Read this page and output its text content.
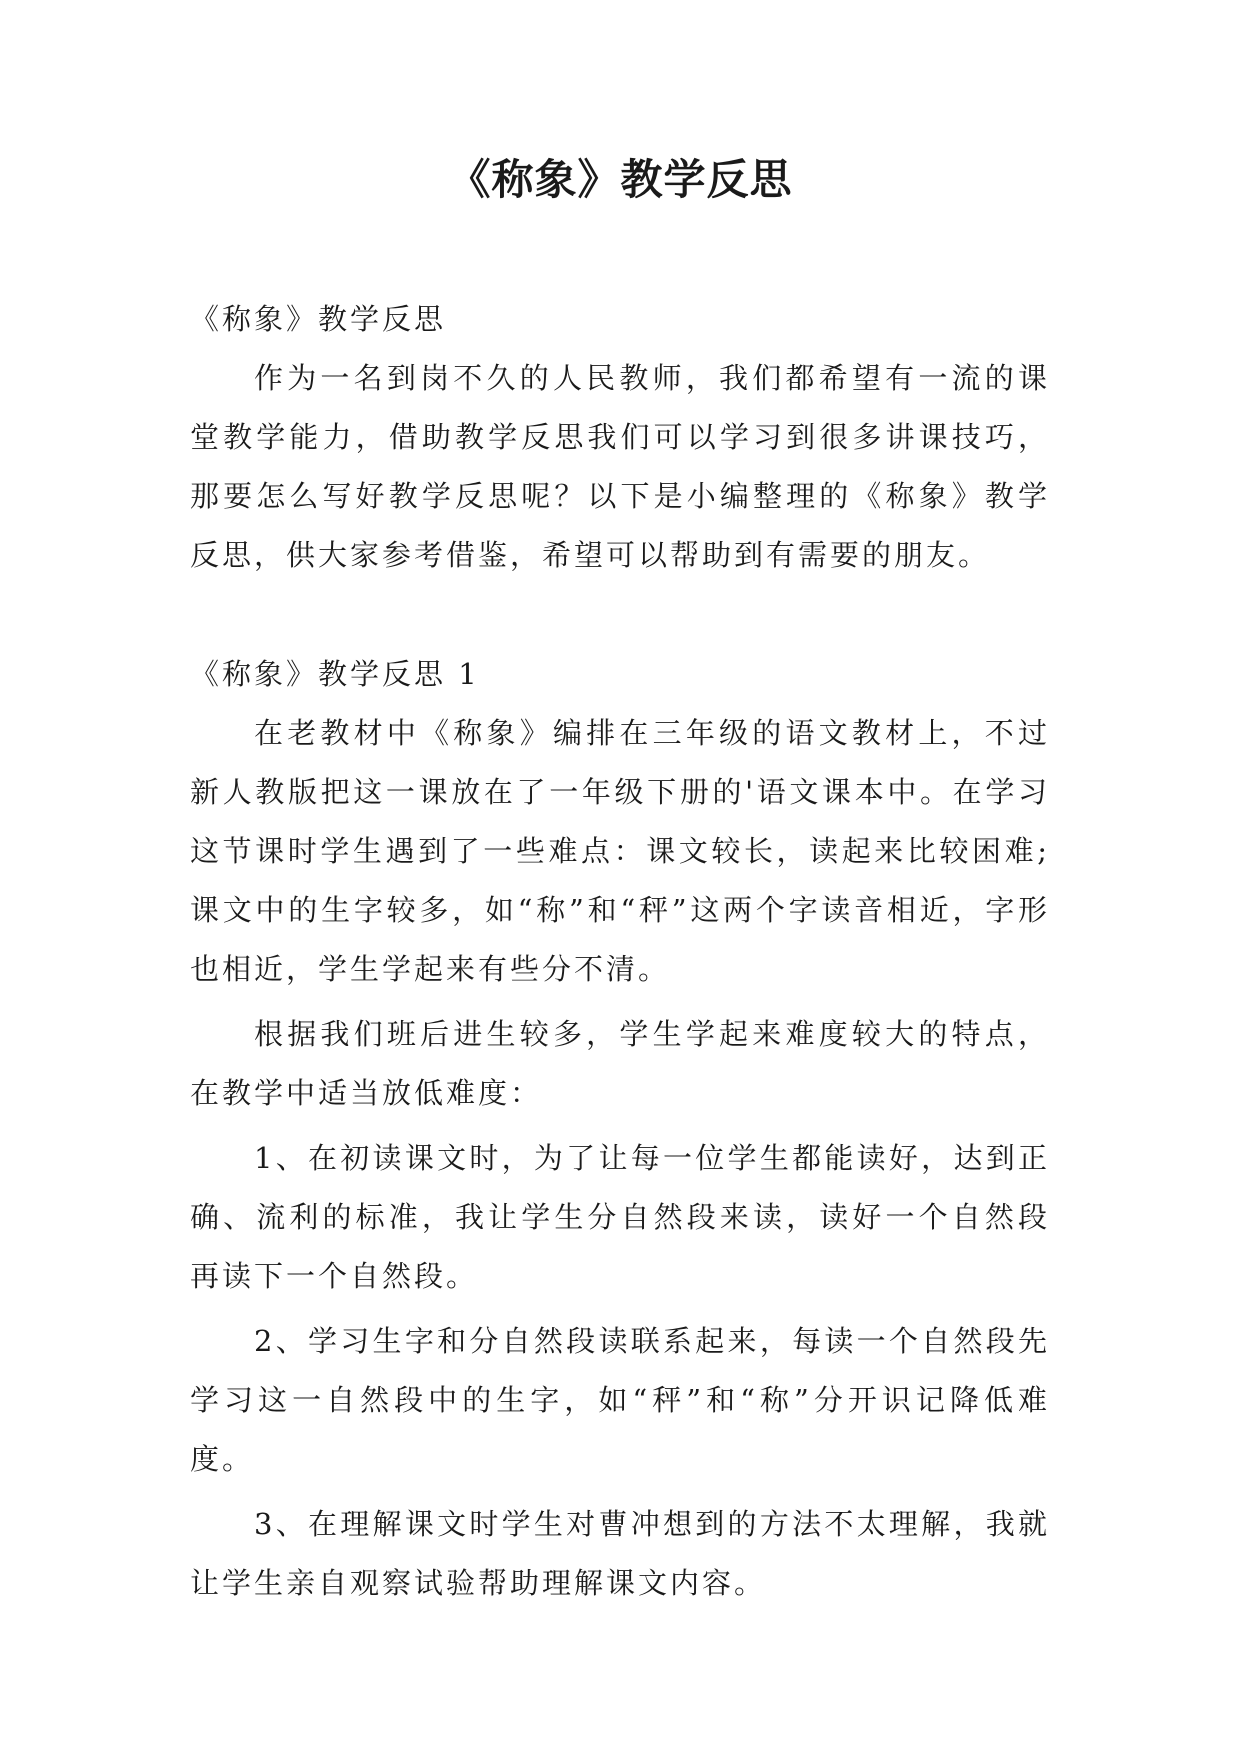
《称象》教学反思

《称象》教学反思

作为一名到岗不久的人民教师，我们都希望有一流的课堂教学能力，借助教学反思我们可以学习到很多讲课技巧，那要怎么写好教学反思呢？以下是小编整理的《称象》教学反思，供大家参考借鉴，希望可以帮助到有需要的朋友。

《称象》教学反思 1

在老教材中《称象》编排在三年级的语文教材上，不过新人教版把这一课放在了一年级下册的'语文课本中。在学习这节课时学生遇到了一些难点：课文较长，读起来比较困难;课文中的生字较多，如“称”和“秤”这两个字读音相近，字形也相近，学生学起来有些分不清。

根据我们班后进生较多，学生学起来难度较大的特点，在教学中适当放低难度：

1、在初读课文时，为了让每一位学生都能读好，达到正确、流利的标准，我让学生分自然段来读，读好一个自然段再读下一个自然段。

2、学习生字和分自然段读联系起来，每读一个自然段先学习这一自然段中的生字，如“秤”和“称”分开识记降低难度。

3、在理解课文时学生对曹冲想到的方法不太理解，我就让学生亲自观察试验帮助理解课文内容。
